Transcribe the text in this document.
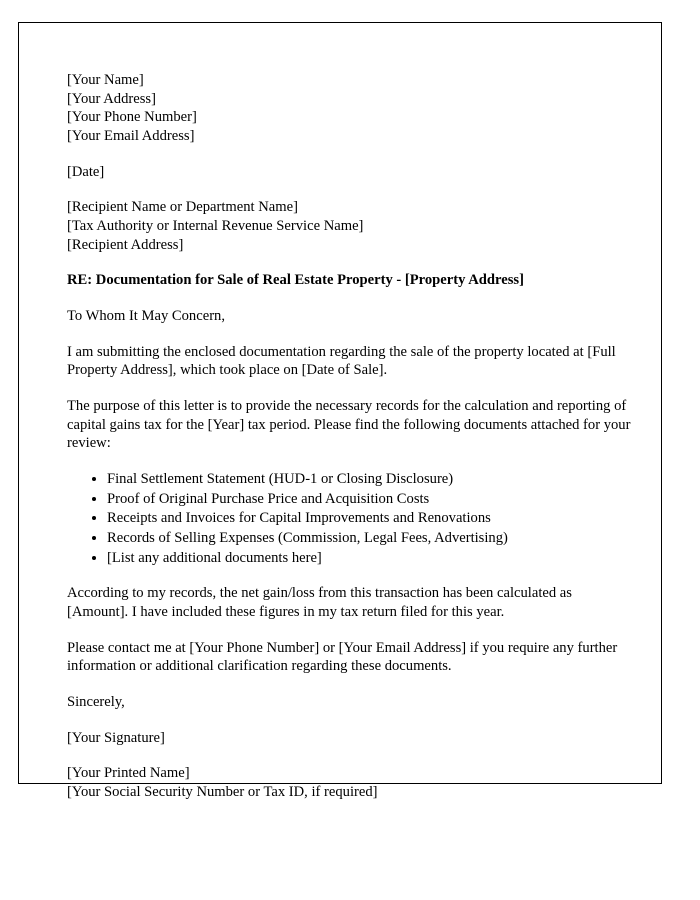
[Your Name]
[Your Address]
[Your Phone Number]
[Your Email Address]
[Date]
[Recipient Name or Department Name]
[Tax Authority or Internal Revenue Service Name]
[Recipient Address]
RE: Documentation for Sale of Real Estate Property - [Property Address]
To Whom It May Concern,
I am submitting the enclosed documentation regarding the sale of the property located at [Full Property Address], which took place on [Date of Sale].
The purpose of this letter is to provide the necessary records for the calculation and reporting of capital gains tax for the [Year] tax period. Please find the following documents attached for your review:
• Final Settlement Statement (HUD-1 or Closing Disclosure)
• Proof of Original Purchase Price and Acquisition Costs
• Receipts and Invoices for Capital Improvements and Renovations
• Records of Selling Expenses (Commission, Legal Fees, Advertising)
• [List any additional documents here]
According to my records, the net gain/loss from this transaction has been calculated as [Amount]. I have included these figures in my tax return filed for this year.
Please contact me at [Your Phone Number] or [Your Email Address] if you require any further information or additional clarification regarding these documents.
Sincerely,
[Your Signature]
[Your Printed Name]
[Your Social Security Number or Tax ID, if required]
